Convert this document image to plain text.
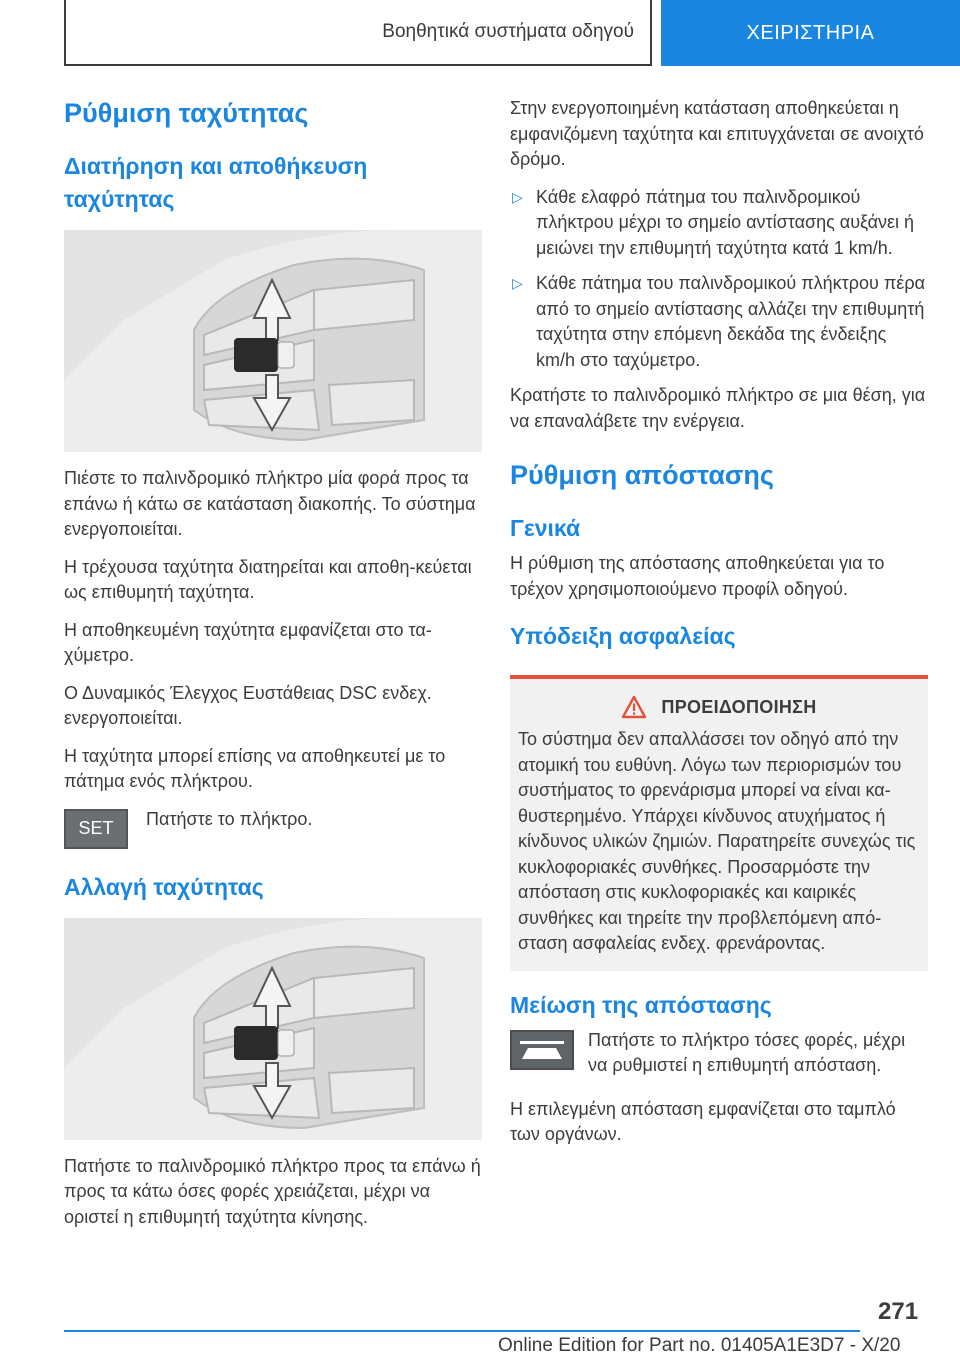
Βοηθητικά συστήματα οδηγού	ΧΕΙΡΙΣΤΗΡΙΑ
Ρύθμιση ταχύτητας
Διατήρηση και αποθήκευση ταχύτητας

Πιέστε το παλινδρομικό πλήκτρο μία φορά προς τα επάνω ή κάτω σε κατάσταση διακοπής. Το σύστημα ενεργοποιείται.

Η τρέχουσα ταχύτητα διατηρείται και αποθη-κεύεται ως επιθυμητή ταχύτητα.

Η αποθηκευμένη ταχύτητα εμφανίζεται στο τα-χύμετρο.

Ο Δυναμικός Έλεγχος Ευστάθειας DSC ενδεχ. ενεργοποιείται.

Η ταχύτητα μπορεί επίσης να αποθηκευτεί με το πάτημα ενός πλήκτρου.

SET	Πατήστε το πλήκτρο.

Αλλαγή ταχύτητας

Πατήστε το παλινδρομικό πλήκτρο προς τα επάνω ή προς τα κάτω όσες φορές χρειάζεται, μέχρι να οριστεί η επιθυμητή ταχύτητα κίνησης.

Στην ενεργοποιημένη κατάσταση αποθηκεύεται η εμφανιζόμενη ταχύτητα και επιτυγχάνεται σε ανοιχτό δρόμο.

▷ Κάθε ελαφρό πάτημα του παλινδρομικού πλήκτρου μέχρι το σημείο αντίστασης αυξάνει ή μειώνει την επιθυμητή ταχύτητα κατά 1 km/h.

▷ Κάθε πάτημα του παλινδρομικού πλήκτρου πέρα από το σημείο αντίστασης αλλάζει την επιθυμητή ταχύτητα στην επόμενη δεκάδα της ένδειξης km/h στο ταχύμετρο.

Κρατήστε το παλινδρομικό πλήκτρο σε μια θέση, για να επαναλάβετε την ενέργεια.

Ρύθμιση απόστασης
Γενικά

Η ρύθμιση της απόστασης αποθηκεύεται για το τρέχον χρησιμοποιούμενο προφίλ οδηγού.

Υπόδειξη ασφαλείας
ΠΡΟΕΙΔΟΠΟΙΗΣΗ

Το σύστημα δεν απαλλάσσει τον οδηγό από την ατομική του ευθύνη. Λόγω των περιορισμών του συστήματος το φρενάρισμα μπορεί να είναι κα-θυστερημένο. Υπάρχει κίνδυνος ατυχήματος ή κίνδυνος υλικών ζημιών. Παρατηρείτε συνεχώς τις κυκλοφοριακές συνθήκες. Προσαρμόστε την απόσταση στις κυκλοφοριακές και καιρικές συνθήκες και τηρείτε την προβλεπόμενη από-σταση ασφαλείας ενδεχ. φρενάροντας.

Μείωση της απόστασης

Πατήστε το πλήκτρο τόσες φορές, μέχρι να ρυθμιστεί η επιθυμητή απόσταση.

Η επιλεγμένη απόσταση εμφανίζεται στο ταμπλό των οργάνων.

271
Online Edition for Part no. 01405A1E3D7 - X/20
